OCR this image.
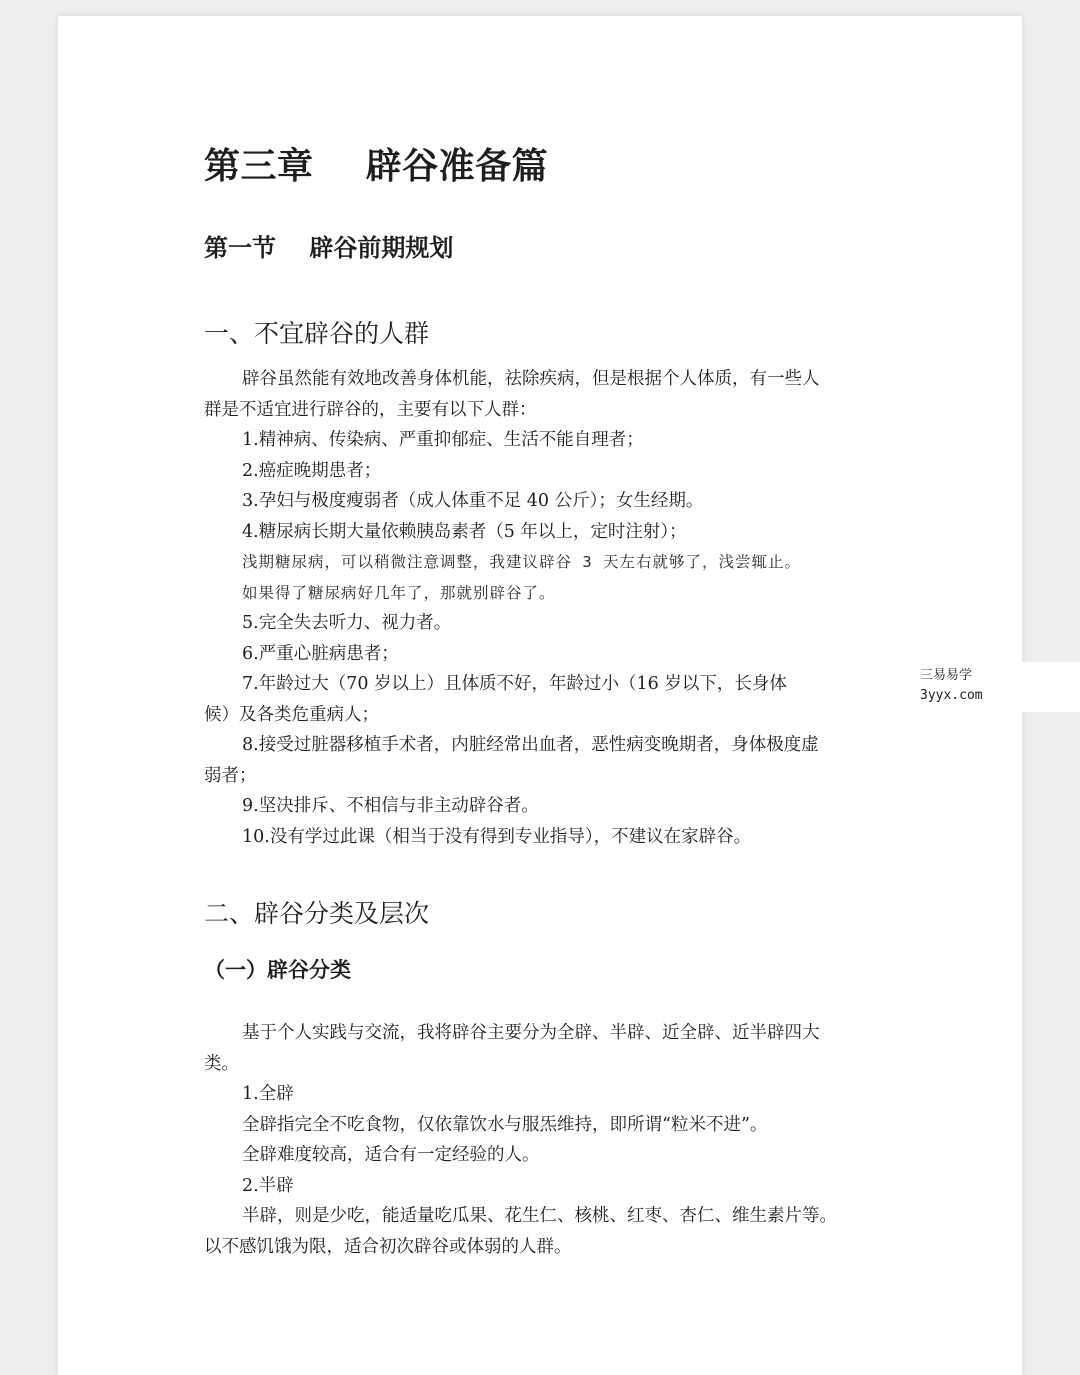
第三章    辟谷准备篇
第一节    辟谷前期规划
一、不宜辟谷的人群
辟谷虽然能有效地改善身体机能，祛除疾病，但是根据个人体质，有一些人
群是不适宜进行辟谷的，主要有以下人群：
1.精神病、传染病、严重抑郁症、生活不能自理者；
2.癌症晚期患者；
3.孕妇与极度瘦弱者（成人体重不足 40 公斤）；女生经期。
4.糖尿病长期大量依赖胰岛素者（5 年以上，定时注射）；
浅期糖尿病，可以稍微注意调整，我建议辟谷 3 天左右就够了，浅尝辄止。
如果得了糖尿病好几年了，那就别辟谷了。
5.完全失去听力、视力者。
6.严重心脏病患者；
7.年龄过大（70 岁以上）且体质不好，年龄过小（16 岁以下，长身体
候）及各类危重病人；
8.接受过脏器移植手术者，内脏经常出血者，恶性病变晚期者，身体极度虚
弱者；
9.坚决排斥、不相信与非主动辟谷者。
10.没有学过此课（相当于没有得到专业指导），不建议在家辟谷。
二、辟谷分类及层次
（一）辟谷分类
基于个人实践与交流，我将辟谷主要分为全辟、半辟、近全辟、近半辟四大
类。
1.全辟
全辟指完全不吃食物，仅依靠饮水与服炁维持，即所谓“粒米不进”。
全辟难度较高，适合有一定经验的人。
2.半辟
半辟，则是少吃，能适量吃瓜果、花生仁、核桃、红枣、杏仁、维生素片等。
以不感饥饿为限，适合初次辟谷或体弱的人群。
三易易学
3yyx.com
